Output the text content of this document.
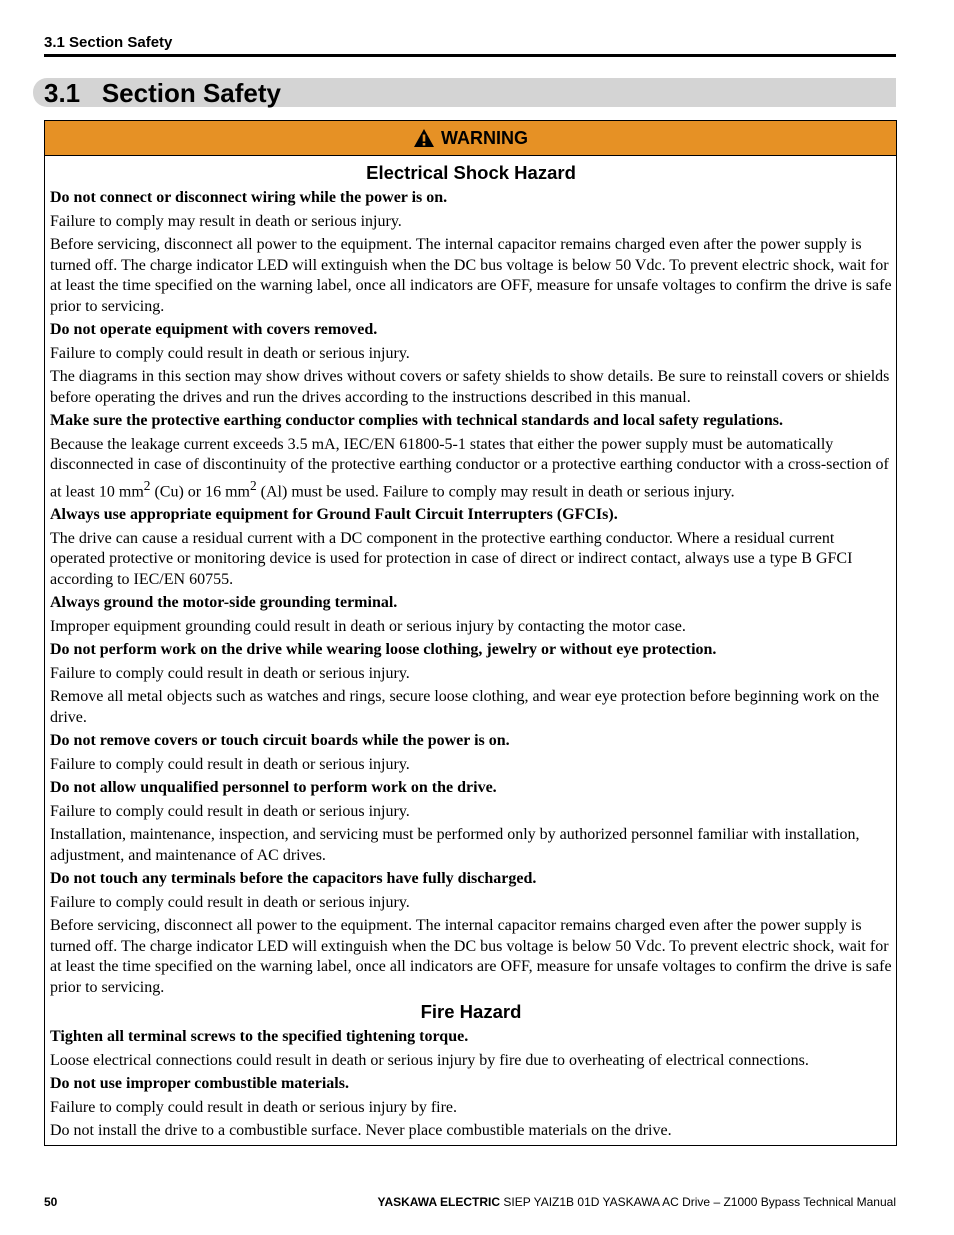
3.1 Section Safety
3.1 Section Safety
WARNING
Electrical Shock Hazard
Do not connect or disconnect wiring while the power is on.
Failure to comply may result in death or serious injury.
Before servicing, disconnect all power to the equipment. The internal capacitor remains charged even after the power supply is turned off. The charge indicator LED will extinguish when the DC bus voltage is below 50 Vdc. To prevent electric shock, wait for at least the time specified on the warning label, once all indicators are OFF, measure for unsafe voltages to confirm the drive is safe prior to servicing.
Do not operate equipment with covers removed.
Failure to comply could result in death or serious injury.
The diagrams in this section may show drives without covers or safety shields to show details. Be sure to reinstall covers or shields before operating the drives and run the drives according to the instructions described in this manual.
Make sure the protective earthing conductor complies with technical standards and local safety regulations.
Because the leakage current exceeds 3.5 mA, IEC/EN 61800-5-1 states that either the power supply must be automatically disconnected in case of discontinuity of the protective earthing conductor or a protective earthing conductor with a cross-section of at least 10 $mm^2$ (Cu) or 16 $mm^2$ (Al) must be used. Failure to comply may result in death or serious injury.
Always use appropriate equipment for Ground Fault Circuit Interrupters (GFCIs).
The drive can cause a residual current with a DC component in the protective earthing conductor. Where a residual current operated protective or monitoring device is used for protection in case of direct or indirect contact, always use a type B GFCI according to IEC/EN 60755.
Always ground the motor-side grounding terminal.
Improper equipment grounding could result in death or serious injury by contacting the motor case.
Do not perform work on the drive while wearing loose clothing, jewelry or without eye protection.
Failure to comply could result in death or serious injury.
Remove all metal objects such as watches and rings, secure loose clothing, and wear eye protection before beginning work on the drive.
Do not remove covers or touch circuit boards while the power is on.
Failure to comply could result in death or serious injury.
Do not allow unqualified personnel to perform work on the drive.
Failure to comply could result in death or serious injury.
Installation, maintenance, inspection, and servicing must be performed only by authorized personnel familiar with installation, adjustment, and maintenance of AC drives.
Do not touch any terminals before the capacitors have fully discharged.
Failure to comply could result in death or serious injury.
Before servicing, disconnect all power to the equipment. The internal capacitor remains charged even after the power supply is turned off. The charge indicator LED will extinguish when the DC bus voltage is below 50 Vdc. To prevent electric shock, wait for at least the time specified on the warning label, once all indicators are OFF, measure for unsafe voltages to confirm the drive is safe prior to servicing.
Fire Hazard
Tighten all terminal screws to the specified tightening torque.
Loose electrical connections could result in death or serious injury by fire due to overheating of electrical connections.
Do not use improper combustible materials.
Failure to comply could result in death or serious injury by fire.
Do not install the drive to a combustible surface. Never place combustible materials on the drive.
50	YASKAWA ELECTRIC SIEP YAIZ1B 01D YASKAWA AC Drive – Z1000 Bypass Technical Manual
